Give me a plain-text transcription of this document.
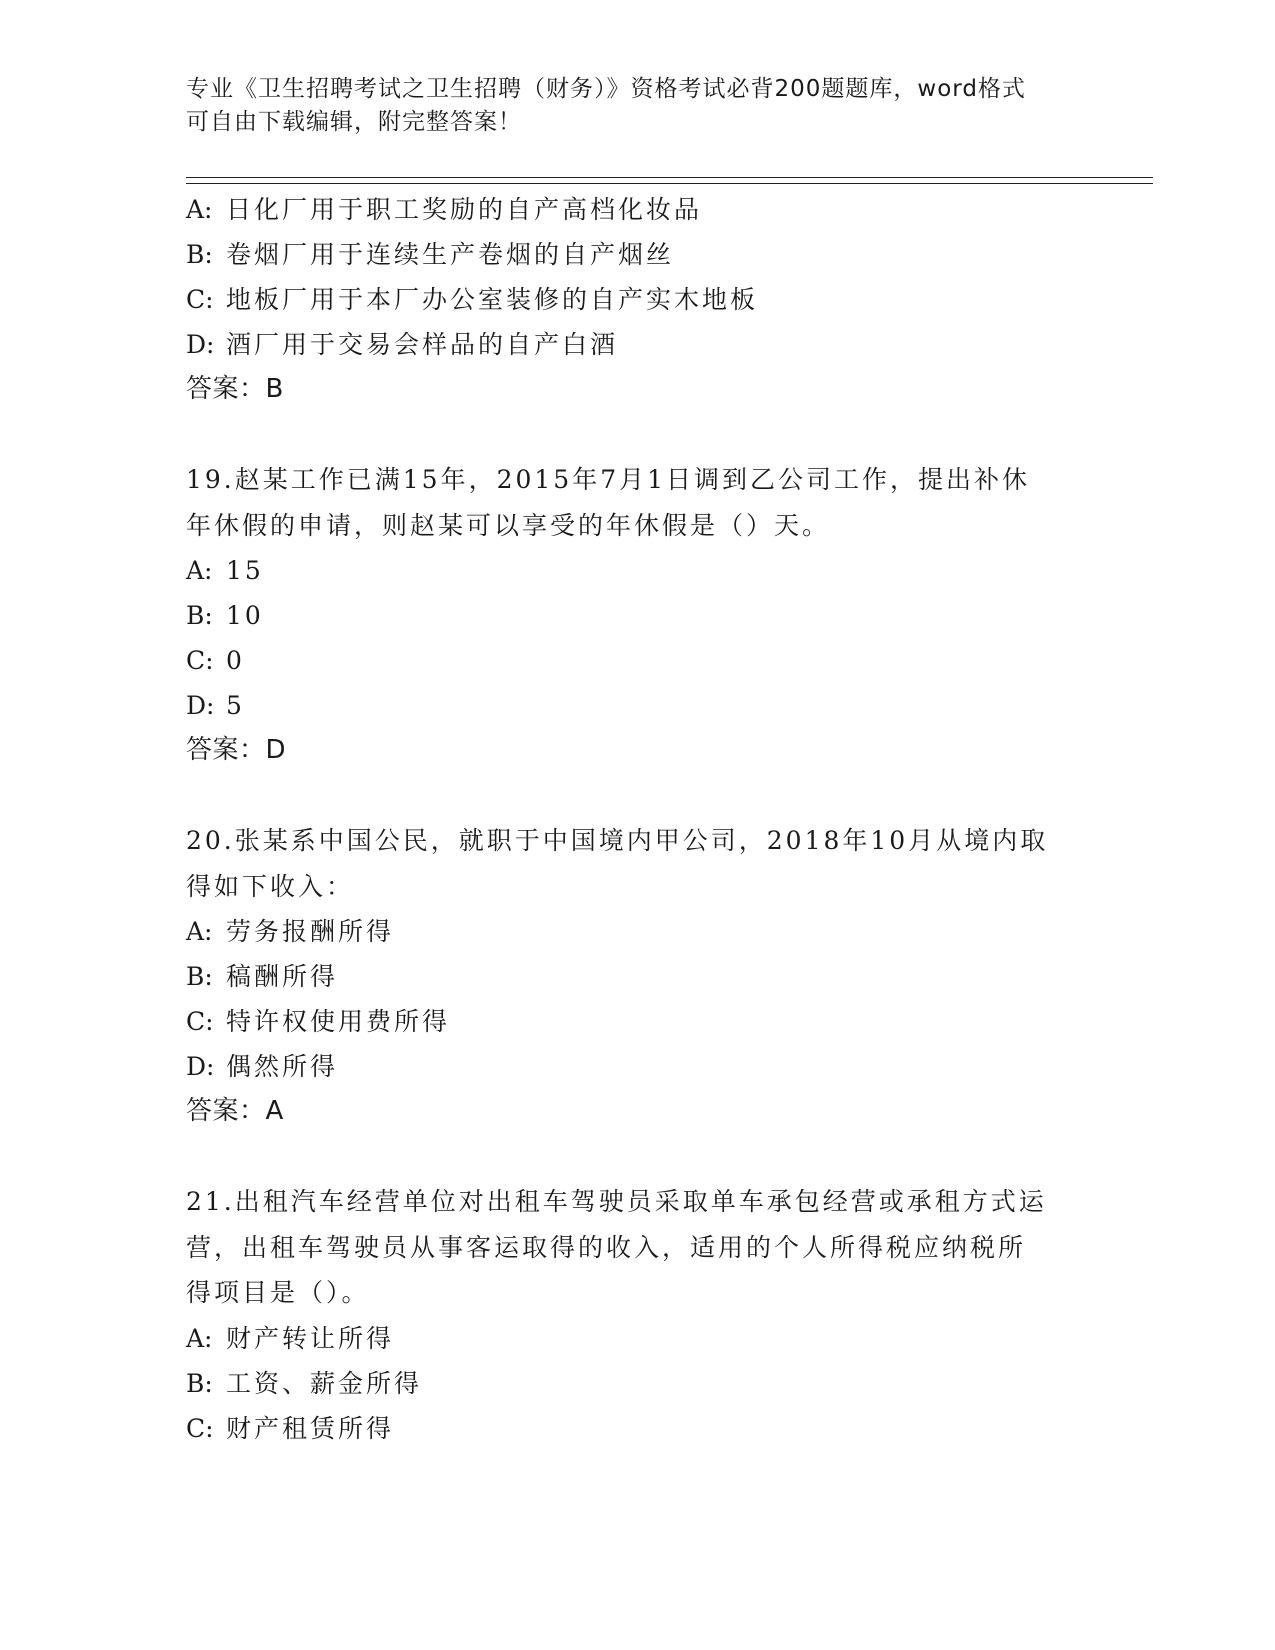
专业《卫生招聘考试之卫生招聘（财务）》资格考试必背200题题库，word格式
可自由下载编辑，附完整答案！
A: 日化厂用于职工奖励的自产高档化妆品
B: 卷烟厂用于连续生产卷烟的自产烟丝
C: 地板厂用于本厂办公室装修的自产实木地板
D: 酒厂用于交易会样品的自产白酒
答案：B
19.赵某工作已满15年，2015年7月1日调到乙公司工作，提出补休
年休假的申请，则赵某可以享受的年休假是（）天。
A: 15
B: 10
C: 0
D: 5
答案：D
20.张某系中国公民，就职于中国境内甲公司，2018年10月从境内取
得如下收入：
A: 劳务报酬所得
B: 稿酬所得
C: 特许权使用费所得
D: 偶然所得
答案：A
21.出租汽车经营单位对出租车驾驶员采取单车承包经营或承租方式运
营，出租车驾驶员从事客运取得的收入，适用的个人所得税应纳税所
得项目是（）。
A: 财产转让所得
B: 工资、薪金所得
C: 财产租赁所得
